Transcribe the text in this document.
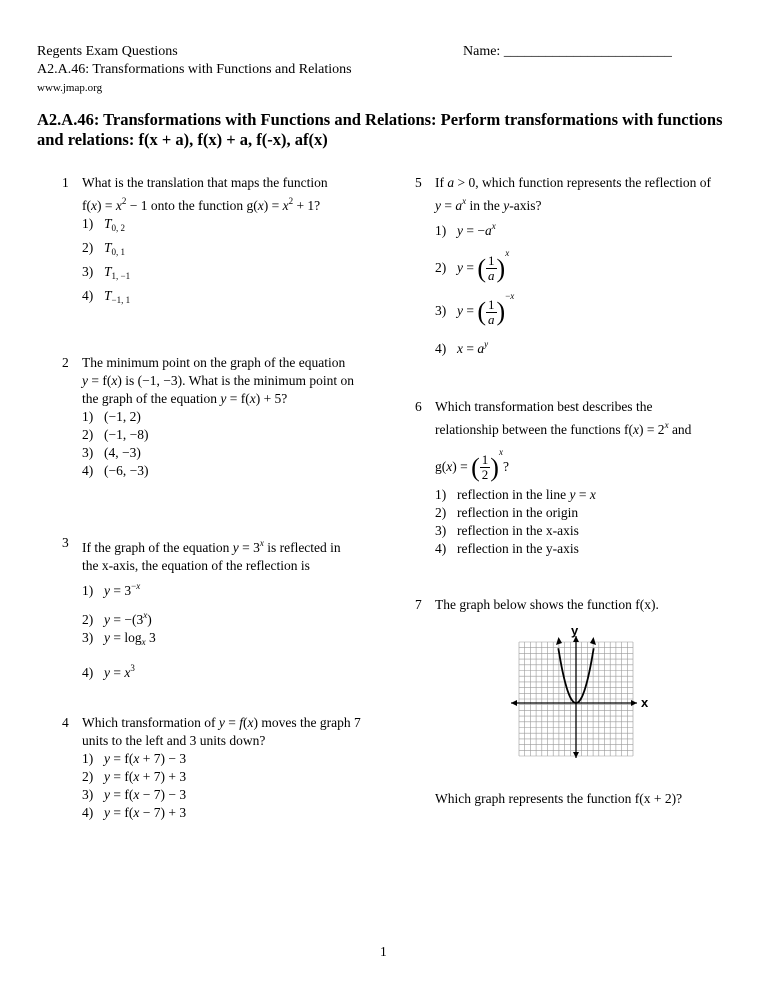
Regents Exam Questions
A2.A.46: Transformations with Functions and Relations
www.jmap.org
Name: ________________________
A2.A.46: Transformations with Functions and Relations: Perform transformations with functions
and relations: f(x + a), f(x) + a, f(-x), af(x)
1 What is the translation that maps the function
$f(x) = x^2 - 1$ onto the function $g(x) = x^2 + 1$?
1) $T_{0, 2}$
2) $T_{0, 1}$
3) $T_{1, -1}$
4) $T_{-1, 1}$
2 The minimum point on the graph of the equation
y = f(x) is (−1, −3). What is the minimum point on
the graph of the equation y = f(x) + 5?
1) (−1, 2)
2) (−1, −8)
3) (4, −3)
4) (−6, −3)
3 If the graph of the equation $y = 3^x$ is reflected in
the x-axis, the equation of the reflection is
1) $y = 3^{-x}$
2) $y = -(3^x)$
3) $y = \log_x 3$
4) $y = x^3$
4 Which transformation of y = f(x) moves the graph 7
units to the left and 3 units down?
1) y = f(x + 7) − 3
2) y = f(x + 7) + 3
3) y = f(x − 7) − 3
4) y = f(x − 7) + 3
5 If a > 0, which function represents the reflection of
$y = a^x$ in the y-axis?
1) $y = -a^x$
2) y = ( $\frac{1}{a} )^x$
3) y = ( $\frac{1}{a} )^{-x}$
4) $x = a^y$
6 Which transformation best describes the
relationship between the functions $f(x) = 2^x$ and
g(x) = ( $\frac{1}{2} )^x$?
1) reflection in the line y = x
2) reflection in the origin
3) reflection in the x-axis
4) reflection in the y-axis
7 The graph below shows the function f(x).
x
y
Which graph represents the function f(x + 2)?
1
